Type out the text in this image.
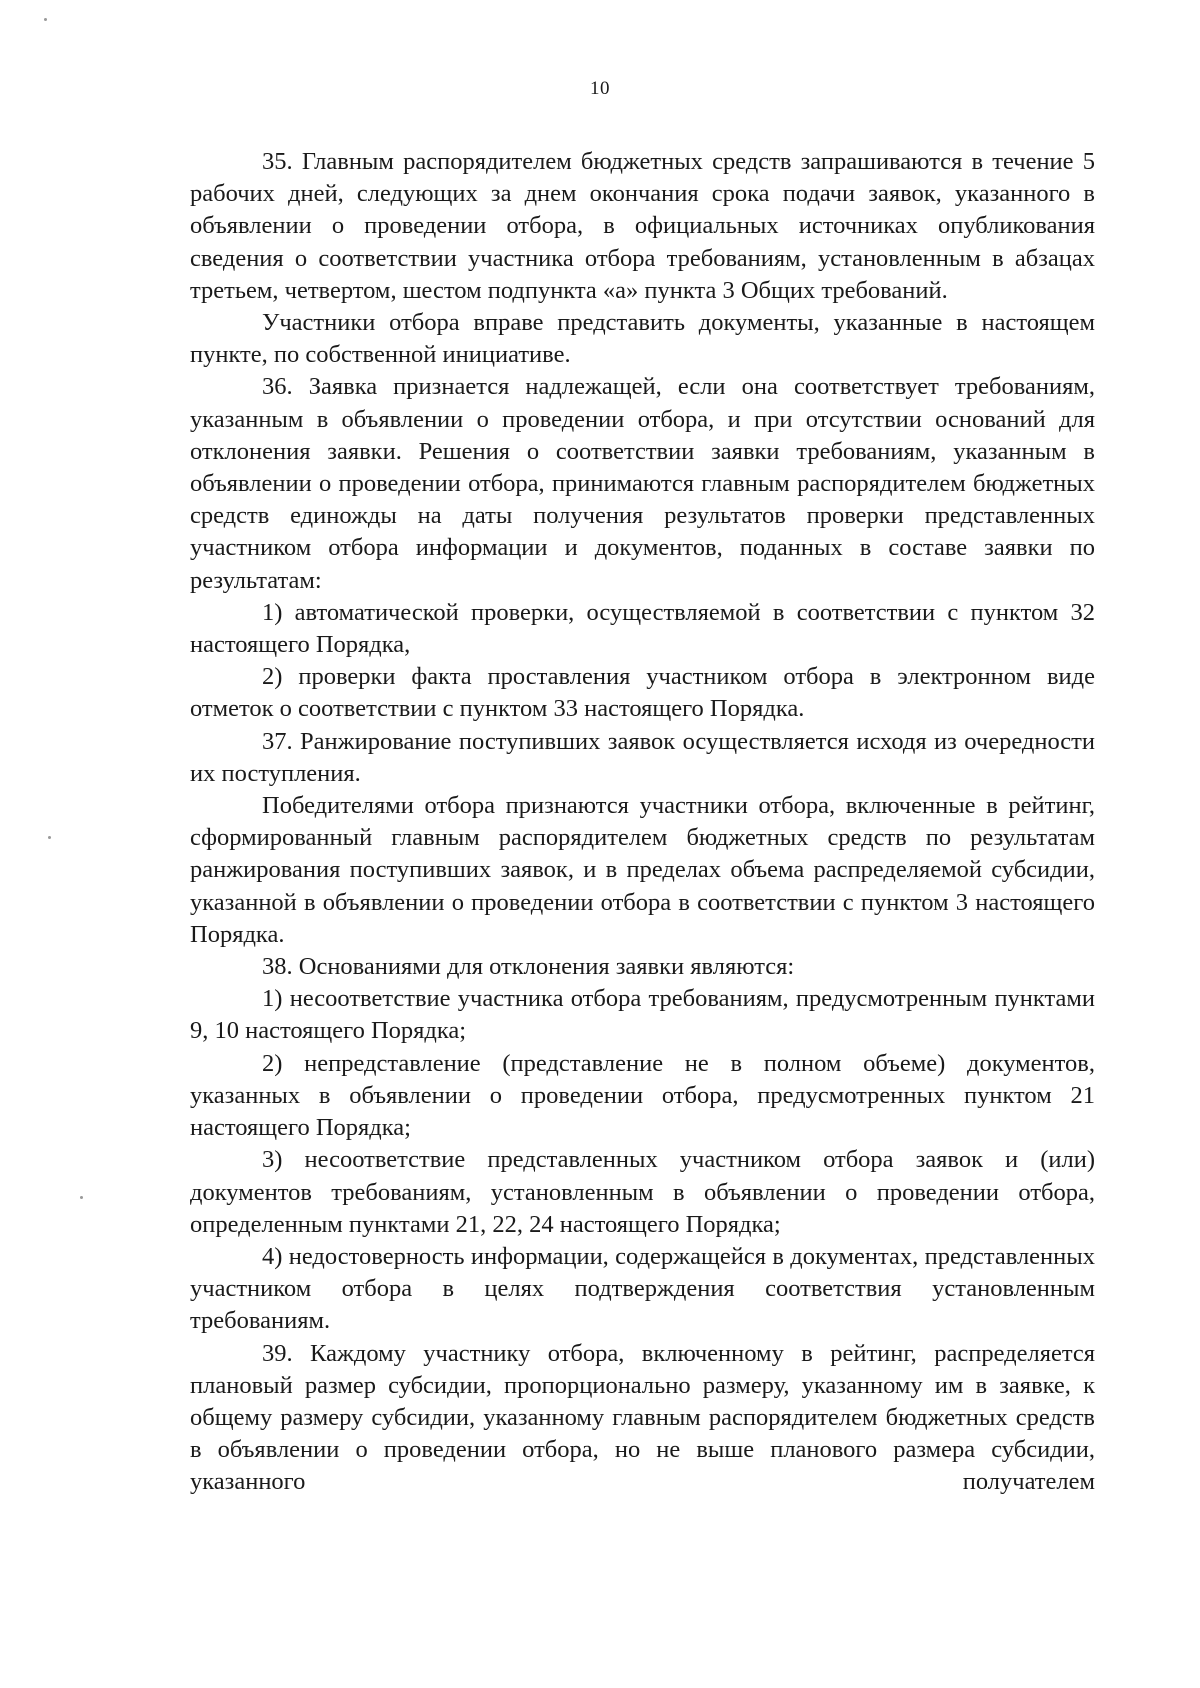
10

35. Главным распорядителем бюджетных средств запрашиваются в течение 5 рабочих дней, следующих за днем окончания срока подачи заявок, указанного в объявлении о проведении отбора, в официальных источниках опубликования сведения о соответствии участника отбора требованиям, установленным в абзацах третьем, четвертом, шестом подпункта «а» пункта 3 Общих требований.

Участники отбора вправе представить документы, указанные в настоящем пункте, по собственной инициативе.

36. Заявка признается надлежащей, если она соответствует требованиям, указанным в объявлении о проведении отбора, и при отсутствии оснований для отклонения заявки. Решения о соответствии заявки требованиям, указанным в объявлении о проведении отбора, принимаются главным распорядителем бюджетных средств единожды на даты получения результатов проверки представленных участником отбора информации и документов, поданных в составе заявки по результатам:

1) автоматической проверки, осуществляемой в соответствии с пунктом 32 настоящего Порядка,

2) проверки факта проставления участником отбора в электронном виде отметок о соответствии с пунктом 33 настоящего Порядка.

37. Ранжирование поступивших заявок осуществляется исходя из очередности их поступления.

Победителями отбора признаются участники отбора, включенные в рейтинг, сформированный главным распорядителем бюджетных средств по результатам ранжирования поступивших заявок, и в пределах объема распределяемой субсидии, указанной в объявлении о проведении отбора в соответствии с пунктом 3 настоящего Порядка.

38. Основаниями для отклонения заявки являются:

1) несоответствие участника отбора требованиям, предусмотренным пунктами 9, 10 настоящего Порядка;

2) непредставление (представление не в полном объеме) документов, указанных в объявлении о проведении отбора, предусмотренных пунктом 21 настоящего Порядка;

3) несоответствие представленных участником отбора заявок и (или) документов требованиям, установленным в объявлении о проведении отбора, определенным пунктами 21, 22, 24 настоящего Порядка;

4) недостоверность информации, содержащейся в документах, представленных участником отбора в целях подтверждения соответствия установленным требованиям.

39. Каждому участнику отбора, включенному в рейтинг, распределяется плановый размер субсидии, пропорционально размеру, указанному им в заявке, к общему размеру субсидии, указанному главным распорядителем бюджетных средств в объявлении о проведении отбора, но не выше планового размера субсидии, указанного получателем
